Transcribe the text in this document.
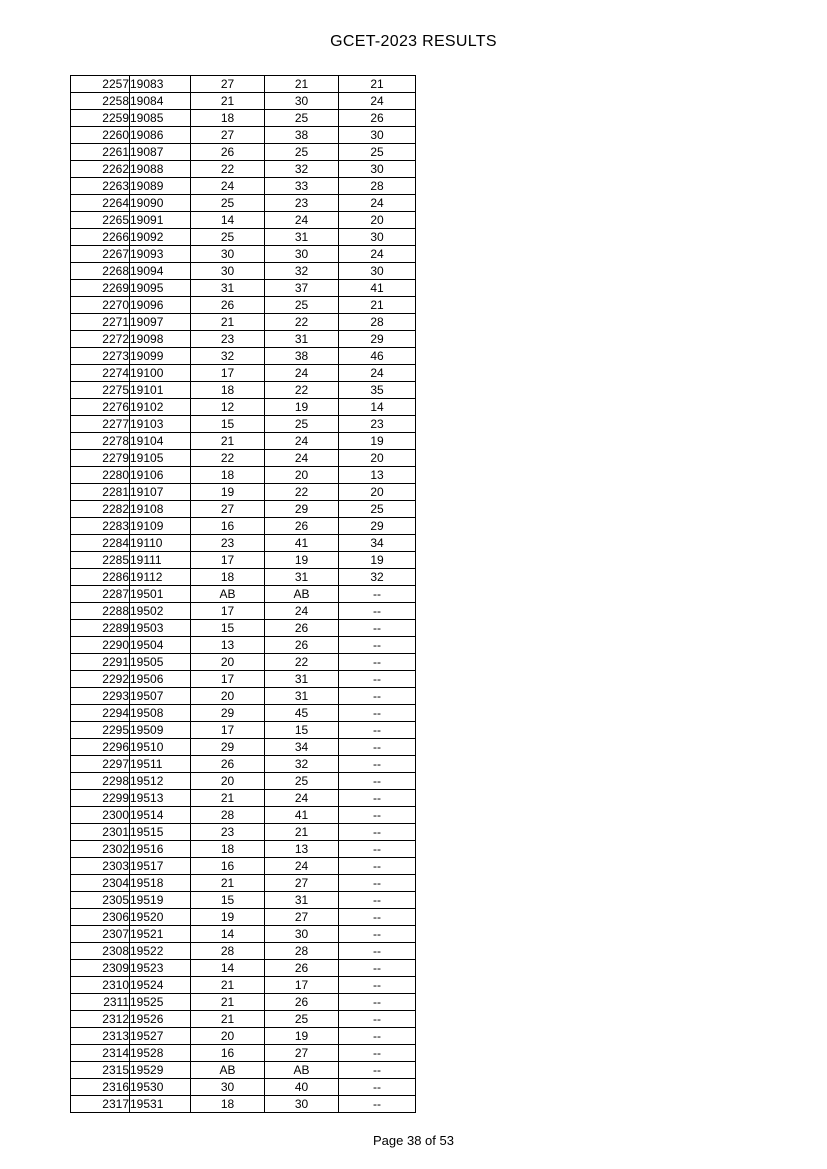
GCET-2023 RESULTS
2257	19083	27	21	21
2258	19084	21	30	24
2259	19085	18	25	26
2260	19086	27	38	30
2261	19087	26	25	25
2262	19088	22	32	30
2263	19089	24	33	28
2264	19090	25	23	24
2265	19091	14	24	20
2266	19092	25	31	30
2267	19093	30	30	24
2268	19094	30	32	30
2269	19095	31	37	41
2270	19096	26	25	21
2271	19097	21	22	28
2272	19098	23	31	29
2273	19099	32	38	46
2274	19100	17	24	24
2275	19101	18	22	35
2276	19102	12	19	14
2277	19103	15	25	23
2278	19104	21	24	19
2279	19105	22	24	20
2280	19106	18	20	13
2281	19107	19	22	20
2282	19108	27	29	25
2283	19109	16	26	29
2284	19110	23	41	34
2285	19111	17	19	19
2286	19112	18	31	32
2287	19501	AB	AB	--
2288	19502	17	24	--
2289	19503	15	26	--
2290	19504	13	26	--
2291	19505	20	22	--
2292	19506	17	31	--
2293	19507	20	31	--
2294	19508	29	45	--
2295	19509	17	15	--
2296	19510	29	34	--
2297	19511	26	32	--
2298	19512	20	25	--
2299	19513	21	24	--
2300	19514	28	41	--
2301	19515	23	21	--
2302	19516	18	13	--
2303	19517	16	24	--
2304	19518	21	27	--
2305	19519	15	31	--
2306	19520	19	27	--
2307	19521	14	30	--
2308	19522	28	28	--
2309	19523	14	26	--
2310	19524	21	17	--
2311	19525	21	26	--
2312	19526	21	25	--
2313	19527	20	19	--
2314	19528	16	27	--
2315	19529	AB	AB	--
2316	19530	30	40	--
2317	19531	18	30	--
Page 38 of 53
